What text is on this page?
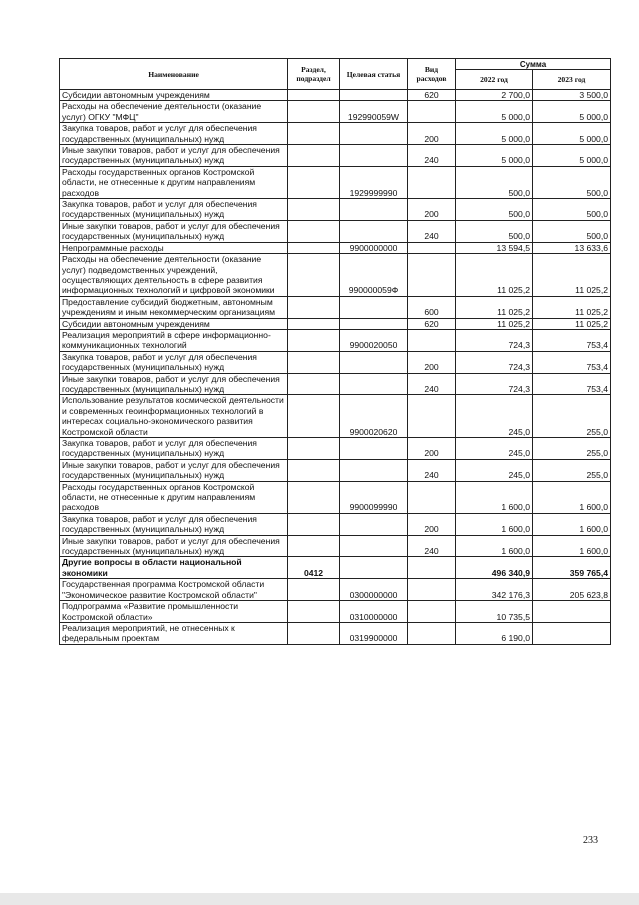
Наименование	Раздел, подраздел	Целевая статья	Вид расходов	Сумма	
				2022 год	2023 год
Субсидии автономным учреждениям			620	2 700,0	3 500,0
Расходы на обеспечение деятельности (оказание услуг) ОГКУ "МФЦ"		192990059W		5 000,0	5 000,0
Закупка товаров, работ и услуг для обеспечения государственных (муниципальных) нужд			200	5 000,0	5 000,0
Иные закупки товаров, работ и услуг для обеспечения государственных (муниципальных) нужд			240	5 000,0	5 000,0
Расходы государственных органов Костромской области, не отнесенные к другим направлениям расходов		1929999990		500,0	500,0
Закупка товаров, работ и услуг для обеспечения государственных (муниципальных) нужд			200	500,0	500,0
Иные закупки товаров, работ и услуг для обеспечения государственных (муниципальных) нужд			240	500,0	500,0
Непрограммные расходы		9900000000		13 594,5	13 633,6
Расходы на обеспечение деятельности (оказание услуг) подведомственных учреждений, осуществляющих деятельность в сфере развития информационных технологий и цифровой экономики		990000059Ф		11 025,2	11 025,2
Предоставление субсидий бюджетным, автономным учреждениям и иным некоммерческим организациям			600	11 025,2	11 025,2
Субсидии автономным учреждениям			620	11 025,2	11 025,2
Реализация мероприятий в сфере информационно-коммуникационных технологий		9900020050		724,3	753,4
Закупка товаров, работ и услуг для обеспечения государственных (муниципальных) нужд			200	724,3	753,4
Иные закупки товаров, работ и услуг для обеспечения государственных (муниципальных) нужд			240	724,3	753,4
Использование результатов космической деятельности и современных геоинформационных технологий в интересах социально-экономического развития Костромской области		9900020620		245,0	255,0
Закупка товаров, работ и услуг для обеспечения государственных (муниципальных) нужд			200	245,0	255,0
Иные закупки товаров, работ и услуг для обеспечения государственных (муниципальных) нужд			240	245,0	255,0
Расходы государственных органов Костромской области, не отнесенные к другим направлениям расходов		9900099990		1 600,0	1 600,0
Закупка товаров, работ и услуг для обеспечения государственных (муниципальных) нужд			200	1 600,0	1 600,0
Иные закупки товаров, работ и услуг для обеспечения государственных (муниципальных) нужд			240	1 600,0	1 600,0
Другие вопросы в области национальной экономики	0412			496 340,9	359 765,4
Государственная программа Костромской области "Экономическое развитие Костромской области"		0300000000		342 176,3	205 623,8
Подпрограмма «Развитие промышленности Костромской области»		0310000000		10 735,5	
Реализация мероприятий, не отнесенных к федеральным проектам		0319900000		6 190,0	
233
